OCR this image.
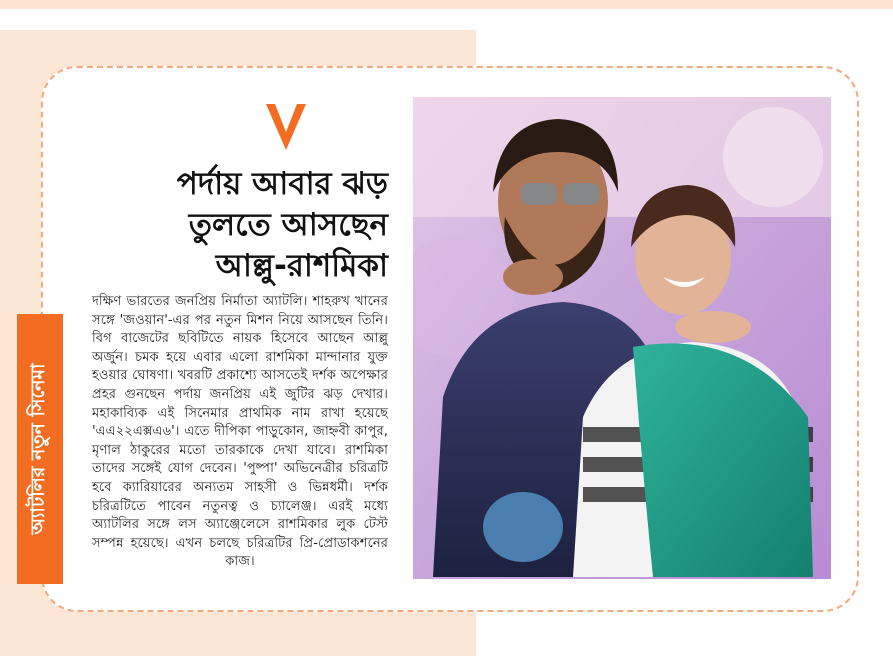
পর্দায় আবার ঝড়
তুলতে আসছেন
আল্লু-রাশমিকা
দক্ষিণ ভারতের জনপ্রিয় নির্মাতা অ্যাটলি। শাহরুখ খানের সঙ্গে 'জওয়ান'-এর পর নতুন মিশন নিয়ে আসছেন তিনি। বিগ বাজেটের ছবিটিতে নায়ক হিসেবে আছেন আল্লু অর্জুন। চমক হয়ে এবার এলো রাশমিকা মান্দানার যুক্ত হওয়ার ঘোষণা। খবরটি প্রকাশ্যে আসতেই দর্শক অপেক্ষার প্রহর গুনছেন পর্দায় জনপ্রিয় এই জুটির ঝড় দেখার। মহাকাব্যিক এই সিনেমার প্রাথমিক নাম রাখা হয়েছে 'এএ২২এক্সএ৬'। এতে দীপিকা পাড়ুকোন, জাহ্নবী কাপুর, মৃণাল ঠাকুরের মতো তারকাকে দেখা যাবে। রাশমিকা তাদের সঙ্গেই যোগ দেবেন। 'পুষ্পা' অভিনেত্রীর চরিত্রটি হবে ক্যারিয়ারের অন্যতম সাহসী ও ভিন্নধর্মী। দর্শক চরিত্রটিতে পাবেন নতুনত্ব ও চ্যালেঞ্জ। এরই মধ্যে অ্যাটলির সঙ্গে লস অ্যাঞ্জেলেসে রাশমিকার লুক টেস্ট সম্পন্ন হয়েছে। এখন চলছে চরিত্রটির প্রি-প্রোডাকশনের কাজ।
অ্যাটলির নতুন সিনেমা
